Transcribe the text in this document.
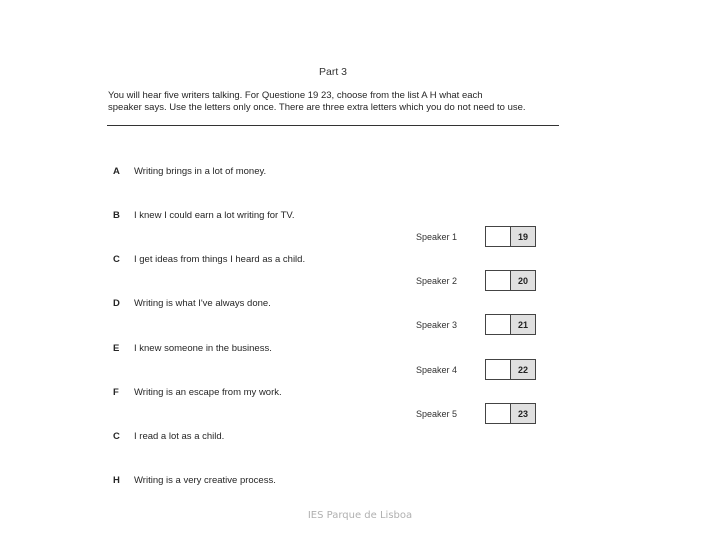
Part 3
You will hear five writers talking. For Questione 19 23, choose from the list A H what each
speaker says. Use the letters only once. There are three extra letters which you do not need to use.
A	Writing brings in a lot of money.
B	I knew I could earn a lot writing for TV.
C	I get ideas from things I heard as a child.
D	Writing is what I've always done.
E	I knew someone in the business.
F	Writing is an escape from my work.
C	I read a lot as a child.
H	Writing is a very creative process.
Speaker 1	19
Speaker 2	20
Speaker 3	21
Speaker 4	22
Speaker 5	23
IES Parque de Lisboa
